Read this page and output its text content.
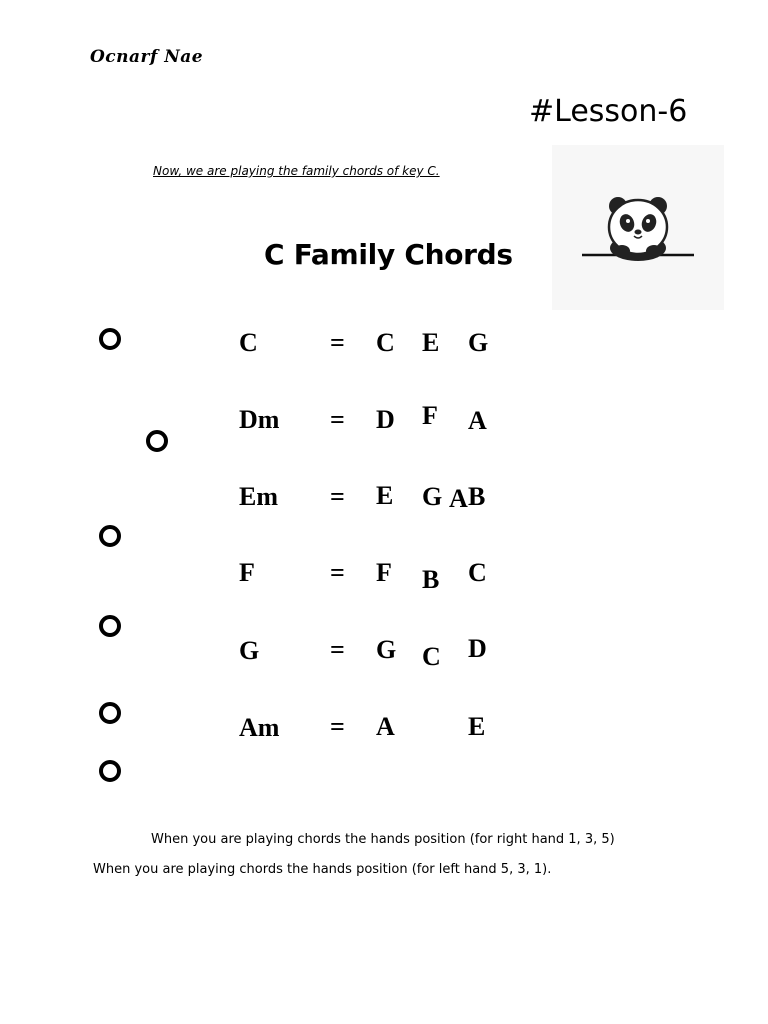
Ocnarf Nae
#Lesson-6
Now, we are playing the family chords of key C.
C Family Chords
C	= C E G
Dm = D F A
Em = E G A B
F	= F B C
G	= G C D
Am = A	E
When you are playing chords the hands position (for right hand 1, 3, 5)
When you are playing chords the hands position (for left hand 5, 3, 1).
